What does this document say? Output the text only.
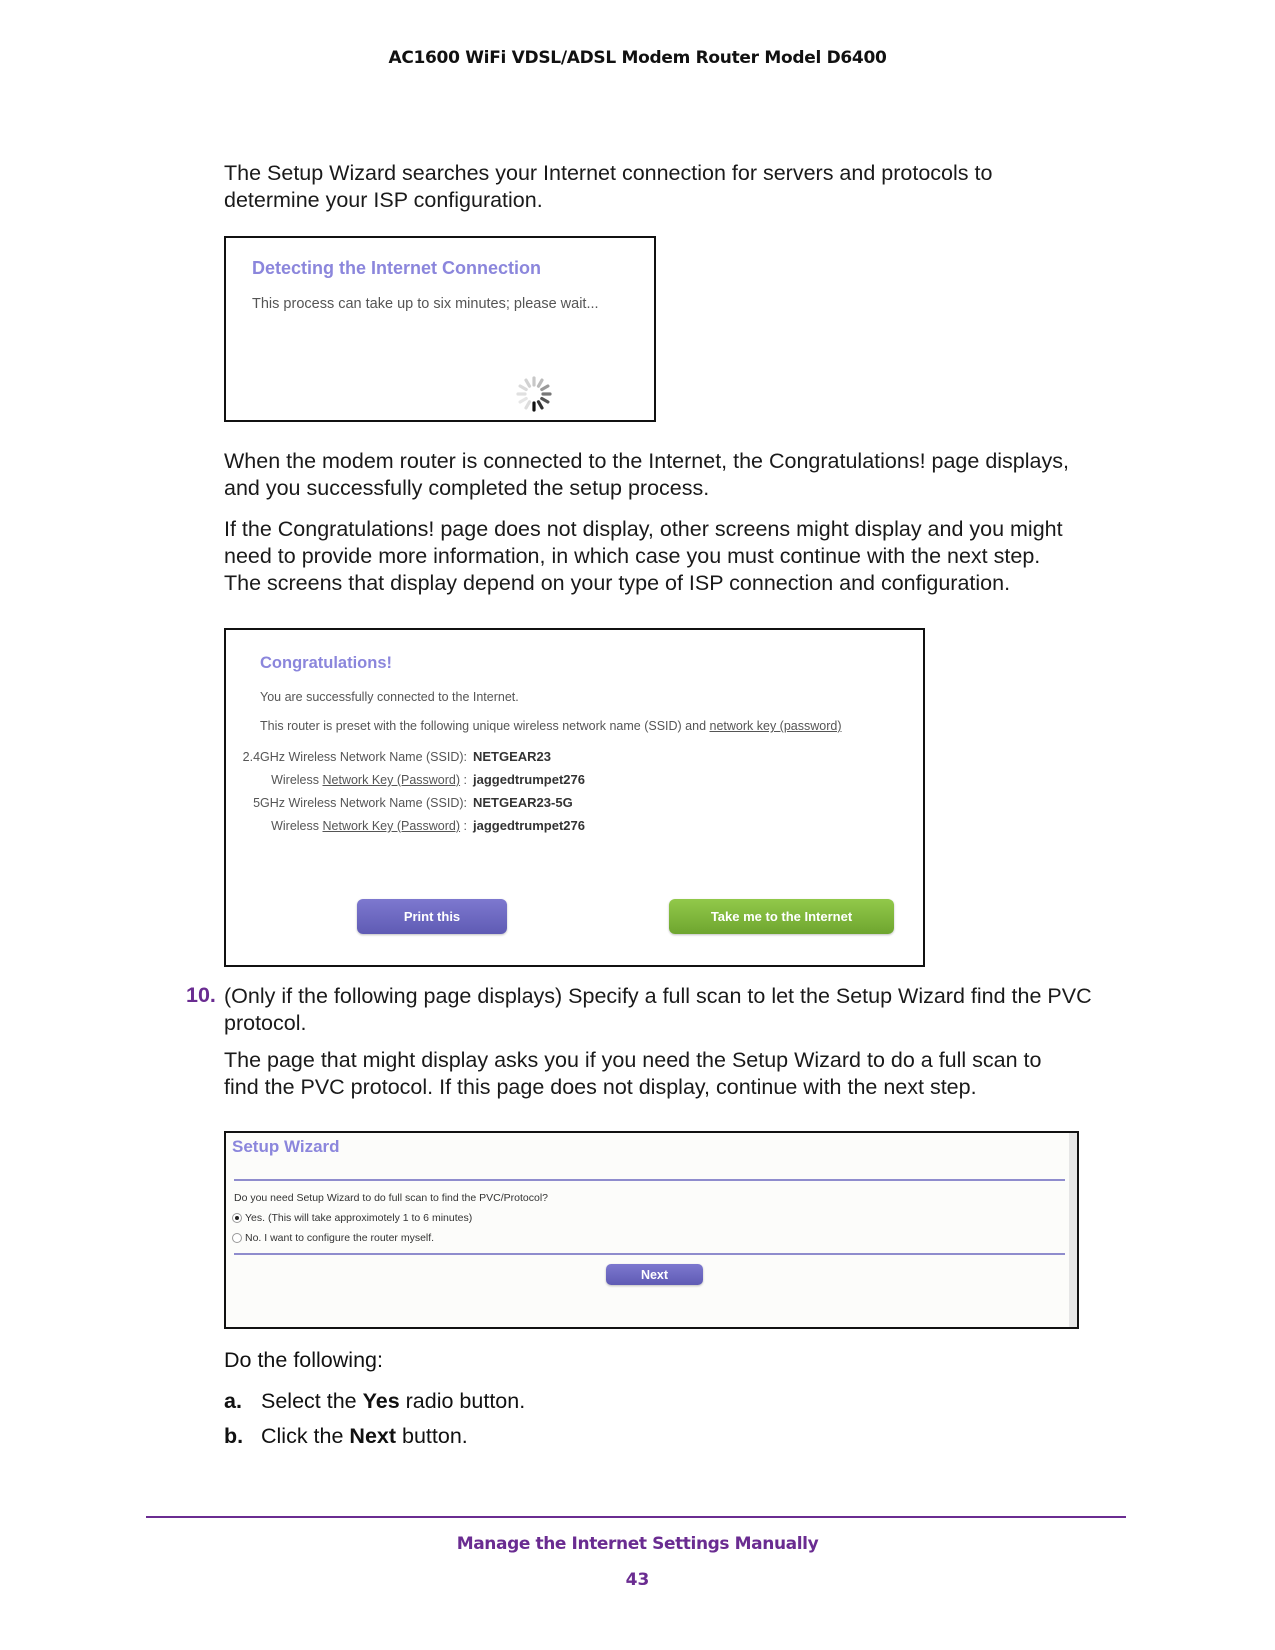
AC1600 WiFi VDSL/ADSL Modem Router Model D6400

The Setup Wizard searches your Internet connection for servers and protocols to

determine your ISP configuration.

Detecting the Internet Connection
This process can take up to six minutes; please wait...

When the modem router is connected to the Internet, the Congratulations! page displays,

and you successfully completed the setup process.

If the Congratulations! page does not display, other screens might display and you might

need to provide more information, in which case you must continue with the next step.

The screens that display depend on your type of ISP connection and configuration.

Congratulations!
You are successfully connected to the Internet.
This router is preset with the following unique wireless network name (SSID) and network key (password)
2.4GHz Wireless Network Name (SSID): NETGEAR23
Wireless Network Key (Password) : jaggedtrumpet276
5GHz Wireless Network Name (SSID): NETGEAR23-5G
Wireless Network Key (Password) : jaggedtrumpet276
Print this	Take me to the Internet
10. (Only if the following page displays) Specify a full scan to let the Setup Wizard find the PVC

protocol.

The page that might display asks you if you need the Setup Wizard to do a full scan to

find the PVC protocol. If this page does not display, continue with the next step.

Setup Wizard
Do you need Setup Wizard to do full scan to find the PVC/Protocol?
Yes. (This will take approximotely 1 to 6 minutes)
No. I want to configure the router myself.
Next
Do the following:
a. Select the Yes radio button.
b. Click the Next button.
Manage the Internet Settings Manually
43
